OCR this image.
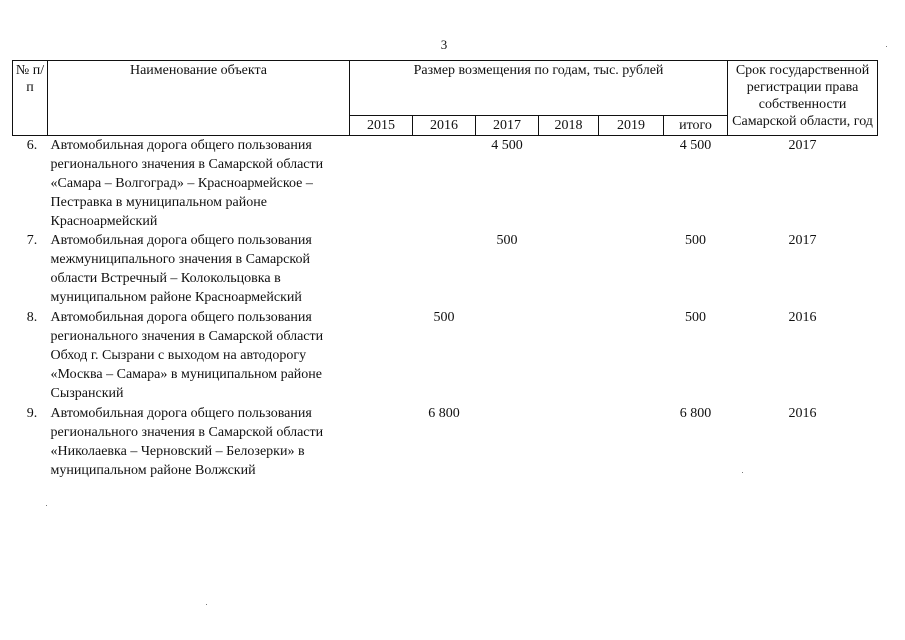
3
№ п/п	Наименование объекта	Размер возмещения по годам, тыс. рублей						Срок государственной регистрации права собственности Самарской области, год
		2015	2016	2017	2018	2019	итого	
6.	Автомобильная дорога общего пользования регионального значения в Самарской области «Самара – Волгоград» – Красноармейское – Пестравка в муниципальном районе Красноармейский			4 500			4 500	2017
7.	Автомобильная дорога общего пользования межмуниципального значения в Самарской области Встречный – Колокольцовка в муниципальном районе Красноармейский			500			500	2017
8.	Автомобильная дорога общего пользования регионального значения в Самарской области Обход г. Сызрани с выходом на автодорогу «Москва – Самара» в муниципальном районе Сызранский		500				500	2016
9.	Автомобильная дорога общего пользования регионального значения в Самарской области «Николаевка – Черновский – Белозерки» в муниципальном районе Волжский		6 800				6 800	2016
